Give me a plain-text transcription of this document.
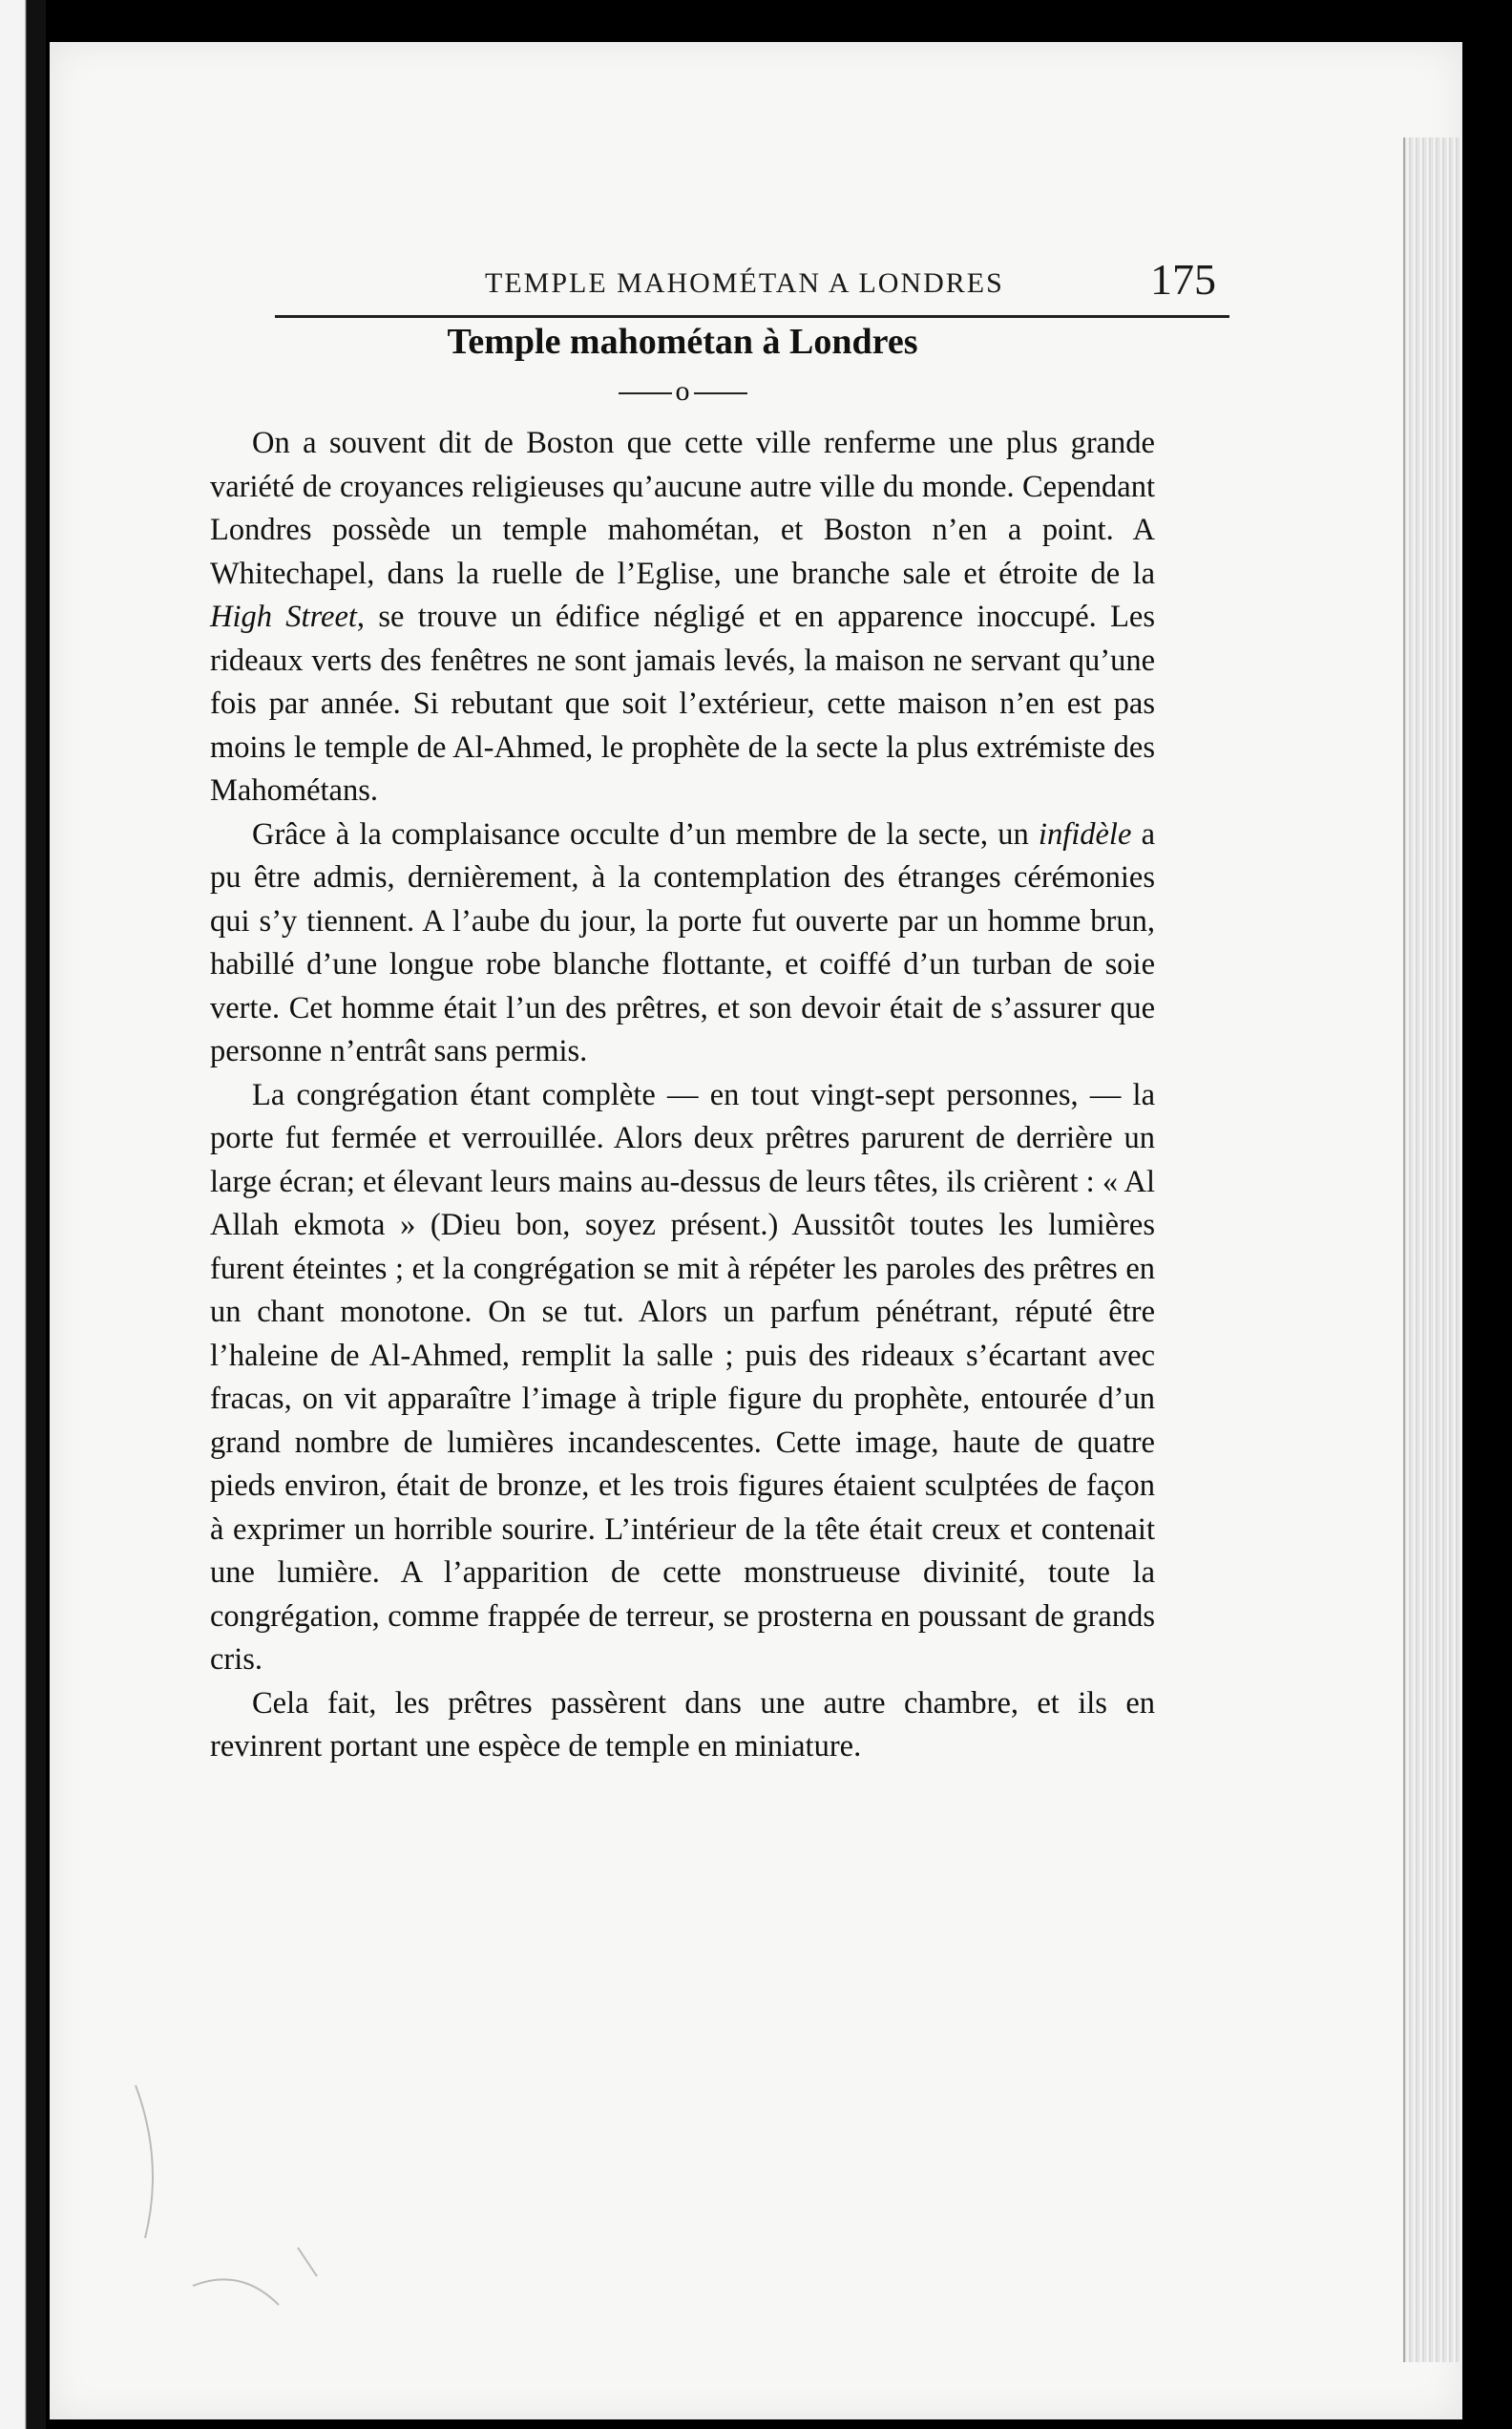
TEMPLE MAHOMÉTAN A LONDRES	175
Temple mahométan à Londres
o

On a souvent dit de Boston que cette ville renferme une plus grande variété de croyances religieuses qu’aucune autre ville du monde. Cependant Londres possède un temple mahométan, et Boston n’en a point. A Whitechapel, dans la ruelle de l’Eglise, une branche sale et étroite de la High Street, se trouve un édifice négligé et en apparence inoccupé. Les rideaux verts des fenêtres ne sont jamais levés, la maison ne servant qu’une fois par année. Si rebutant que soit l’extérieur, cette maison n’en est pas moins le temple de Al-Ahmed, le prophète de la secte la plus extrémiste des Mahométans.

Grâce à la complaisance occulte d’un membre de la secte, un infidèle a pu être admis, dernièrement, à la contemplation des étranges cérémonies qui s’y tiennent. A l’aube du jour, la porte fut ouverte par un homme brun, habillé d’une longue robe blanche flottante, et coiffé d’un turban de soie verte. Cet homme était l’un des prêtres, et son devoir était de s’assurer que personne n’entrât sans permis.

La congrégation étant complète — en tout vingt-sept personnes, — la porte fut fermée et verrouillée. Alors deux prêtres parurent de derrière un large écran; et élevant leurs mains au-dessus de leurs têtes, ils crièrent : « Al Allah ekmota » (Dieu bon, soyez présent.) Aussitôt toutes les lumières furent éteintes ; et la congrégation se mit à répéter les paroles des prêtres en un chant monotone. On se tut. Alors un parfum pénétrant, réputé être l’haleine de Al-Ahmed, remplit la salle ; puis des rideaux s’écartant avec fracas, on vit apparaître l’image à triple figure du prophète, entourée d’un grand nombre de lumières incandescentes. Cette image, haute de quatre pieds environ, était de bronze, et les trois figures étaient sculptées de façon à exprimer un horrible sourire. L’intérieur de la tête était creux et contenait une lumière. A l’apparition de cette monstrueuse divinité, toute la congrégation, comme frappée de terreur, se prosterna en poussant de grands cris.

Cela fait, les prêtres passèrent dans une autre chambre, et ils en revinrent portant une espèce de temple en miniature.
